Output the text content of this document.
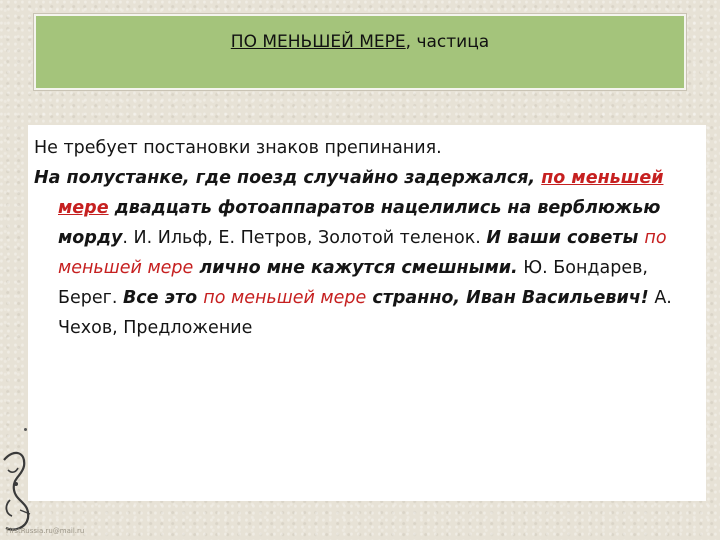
ПО МЕНЬШЕЙ МЕРЕ, частица

Не требует постановки знаков препинания.

На полустанке, где поезд случайно задержался, по меньшей мере двадцать фотоаппаратов нацелились на верблюжью морду. И. Ильф, Е. Петров, Золотой теленок. И ваши советы по меньшей мере лично мне кажутся смешными. Ю. Бондарев, Берег. Все это по меньшей мере странно, Иван Васильевич! А. Чехов, Предложение

FirstRussia.ru@mail.ru
